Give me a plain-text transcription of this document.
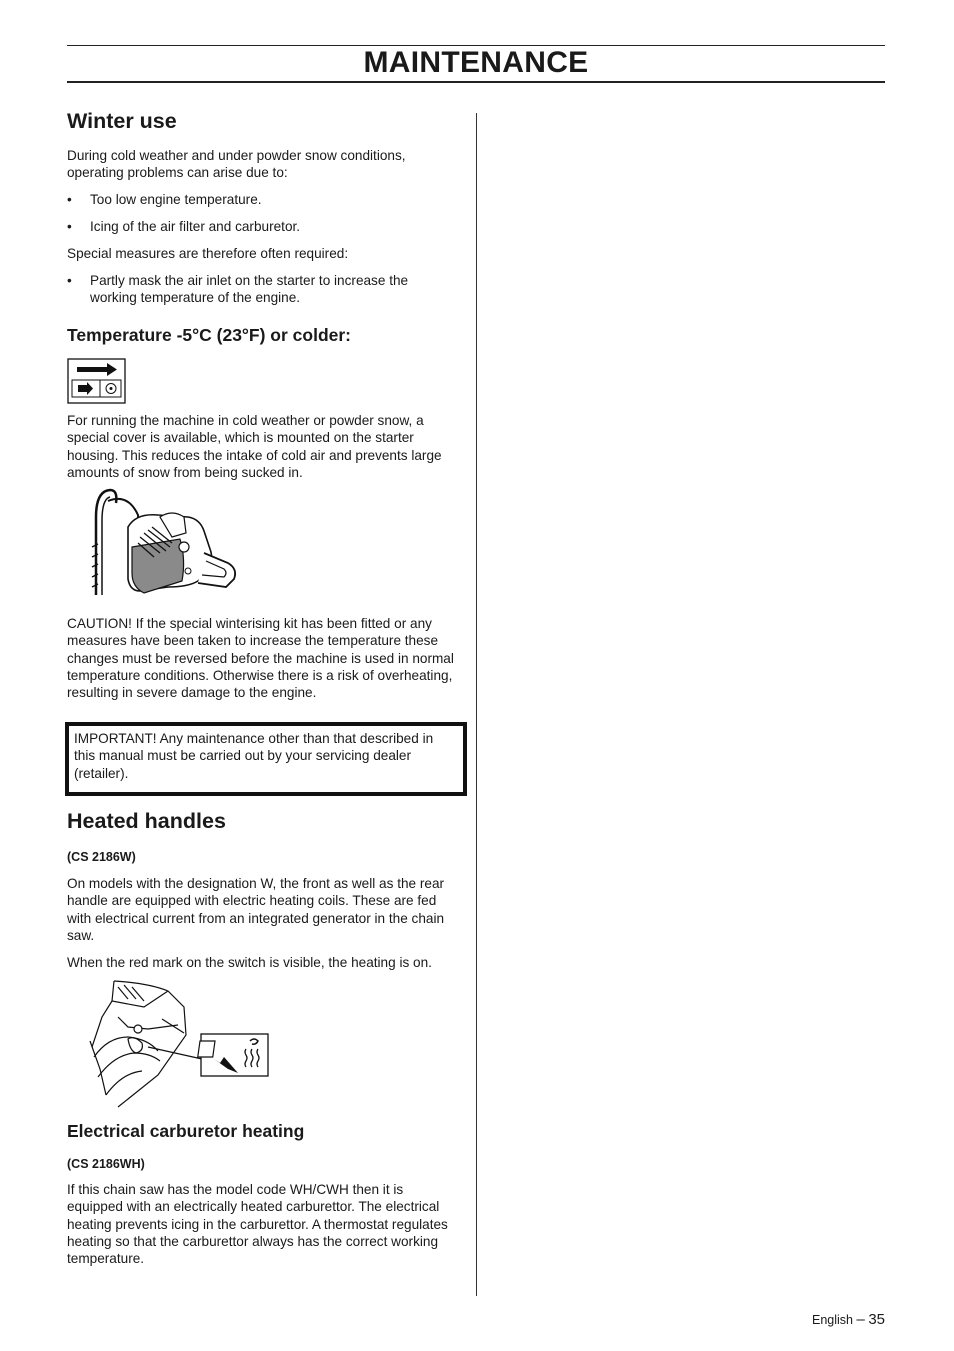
MAINTENANCE
Winter use

During cold weather and under powder snow conditions, operating problems can arise due to:

•	Too low engine temperature.
•	Icing of the air filter and carburetor.

Special measures are therefore often required:

•	Partly mask the air inlet on the starter to increase the working temperature of the engine.
Temperature -5°C (23°F) or colder:

For running the machine in cold weather or powder snow, a special cover is available, which is mounted on the starter housing. This reduces the intake of cold air and prevents large amounts of snow from being sucked in.

CAUTION! If the special winterising kit has been fitted or any measures have been taken to increase the temperature these changes must be reversed before the machine is used in normal temperature conditions. Otherwise there is a risk of overheating, resulting in severe damage to the engine.

IMPORTANT! Any maintenance other than that described in this manual must be carried out by your servicing dealer (retailer).

Heated handles
(CS 2186W)

On models with the designation W, the front as well as the rear handle are equipped with electric heating coils. These are fed with electrical current from an integrated generator in the chain saw.

When the red mark on the switch is visible, the heating is on.

Electrical carburetor heating
(CS 2186WH)

If this chain saw has the model code WH/CWH then it is equipped with an electrically heated carburettor. The electrical heating prevents icing in the carburettor. A thermostat regulates heating so that the carburettor always has the correct working temperature.

English – 35
